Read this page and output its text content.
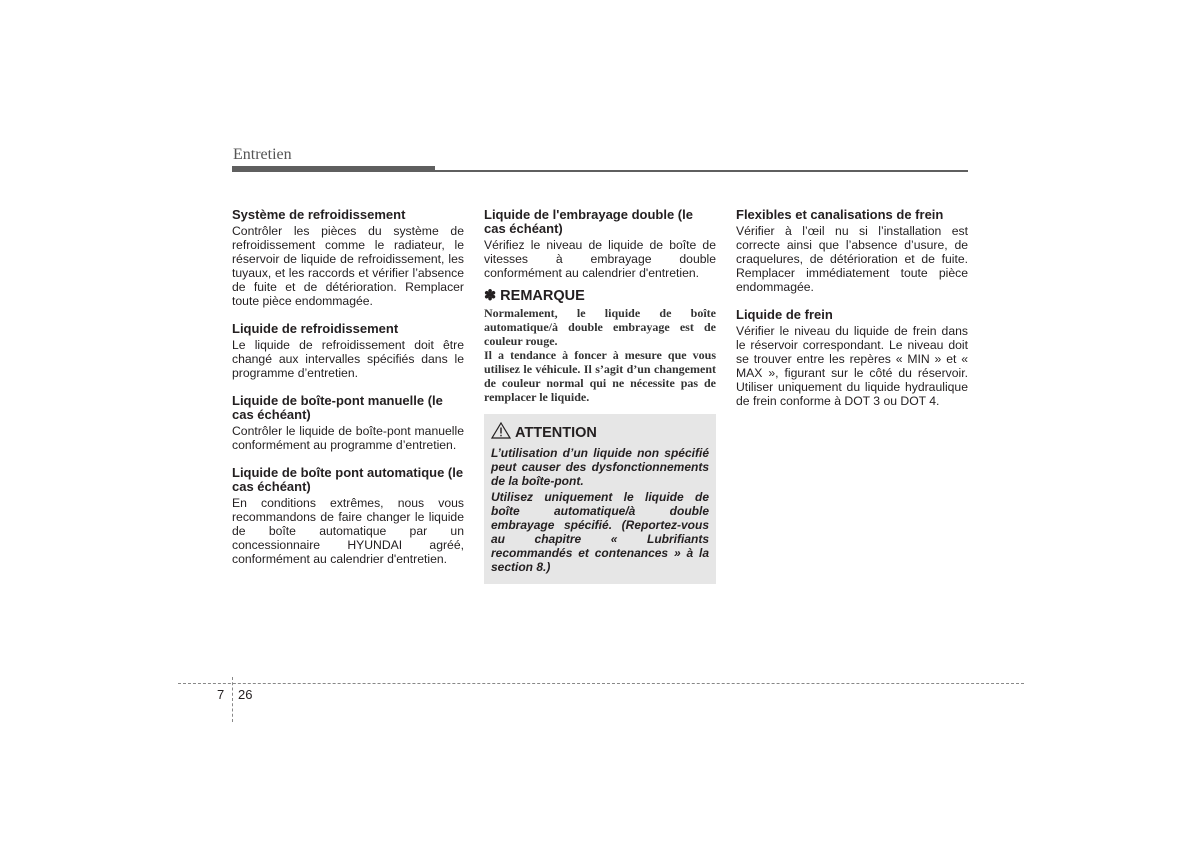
Entretien
Système de refroidissement

Contrôler les pièces du système de refroidissement comme le radiateur, le réservoir de liquide de refroidissement, les tuyaux, et les raccords et vérifier l’absence de fuite et de détérioration. Remplacer toute pièce endommagée.

Liquide de refroidissement

Le liquide de refroidissement doit être changé aux intervalles spécifiés dans le programme d’entretien.

Liquide de boîte-pont manuelle (le cas échéant)

Contrôler le liquide de boîte-pont manuelle conformément au programme d’entretien.

Liquide de boîte pont automatique (le cas échéant)

En conditions extrêmes, nous vous recommandons de faire changer le liquide de boîte automatique par un concessionnaire HYUNDAI agréé, conformément au calendrier d'entretien.

Liquide de l'embrayage double (le cas échéant)

Vérifiez le niveau de liquide de boîte de vitesses à embrayage double conformément au calendrier d'entretien.

✽ REMARQUE

Normalement, le liquide de boîte automatique/à double embrayage est de couleur rouge.

Il a tendance à foncer à mesure que vous utilisez le véhicule. Il s’agit d’un changement de couleur normal qui ne nécessite pas de remplacer le liquide.

ATTENTION

L’utilisation d’un liquide non spécifié peut causer des dysfonctionnements de la boîte-pont.

Utilisez uniquement le liquide de boîte automatique/à double embrayage spécifié. (Reportez-vous au chapitre « Lubrifiants recommandés et contenances » à la section 8.)

Flexibles et canalisations de frein

Vérifier à l’œil nu si l’installation est correcte ainsi que l’absence d’usure, de craquelures, de détérioration et de fuite. Remplacer immédiatement toute pièce endommagée.

Liquide de frein

Vérifier le niveau du liquide de frein dans le réservoir correspondant. Le niveau doit se trouver entre les repères « MIN » et « MAX », figurant sur le côté du réservoir. Utiliser uniquement du liquide hydraulique de frein conforme à DOT 3 ou DOT 4.

7 26
